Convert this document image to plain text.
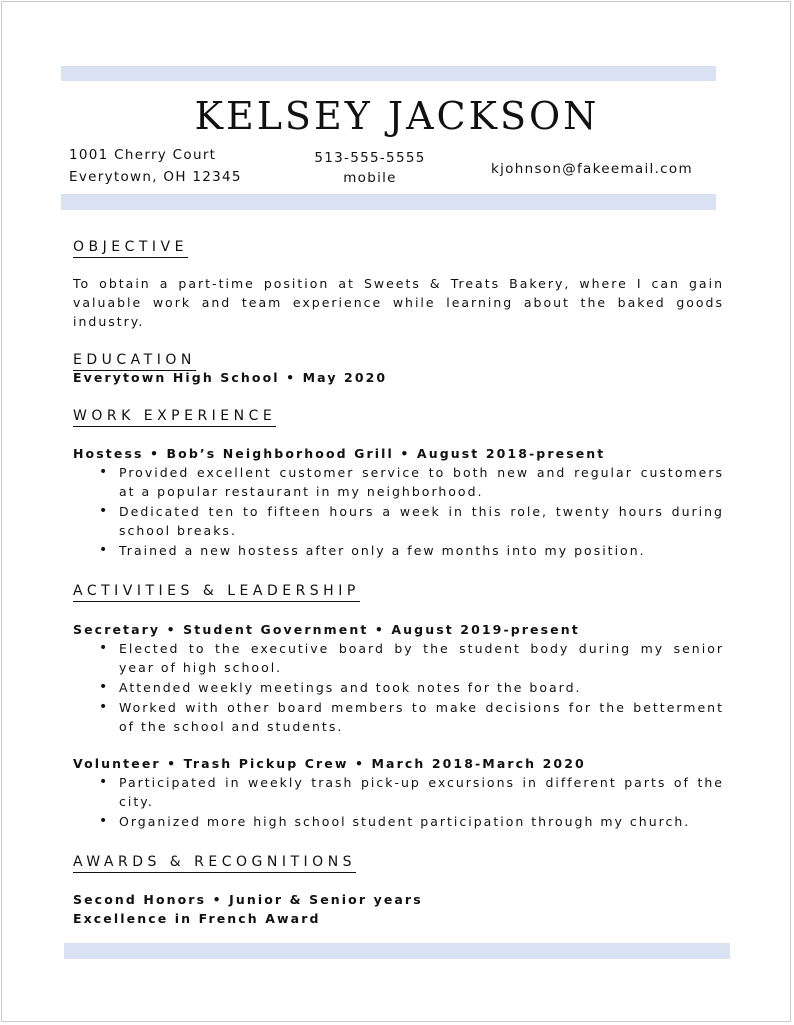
KELSEY JACKSON
1001 Cherry Court
Everytown, OH 12345
513-555-5555
mobile
kjohnson@fakeemail.com
OBJECTIVE
To obtain a part-time position at Sweets & Treats Bakery, where I can gain valuable work and team experience while learning about the baked goods industry.
EDUCATION
Everytown High School • May 2020
WORK EXPERIENCE
Hostess • Bob’s Neighborhood Grill • August 2018-present
• Provided excellent customer service to both new and regular customers at a popular restaurant in my neighborhood.
• Dedicated ten to fifteen hours a week in this role, twenty hours during school breaks.
• Trained a new hostess after only a few months into my position.
ACTIVITIES & LEADERSHIP
Secretary • Student Government • August 2019-present
• Elected to the executive board by the student body during my senior year of high school.
• Attended weekly meetings and took notes for the board.
• Worked with other board members to make decisions for the betterment of the school and students.
Volunteer • Trash Pickup Crew • March 2018-March 2020
• Participated in weekly trash pick-up excursions in different parts of the city.
• Organized more high school student participation through my church.
AWARDS & RECOGNITIONS
Second Honors • Junior & Senior years
Excellence in French Award
